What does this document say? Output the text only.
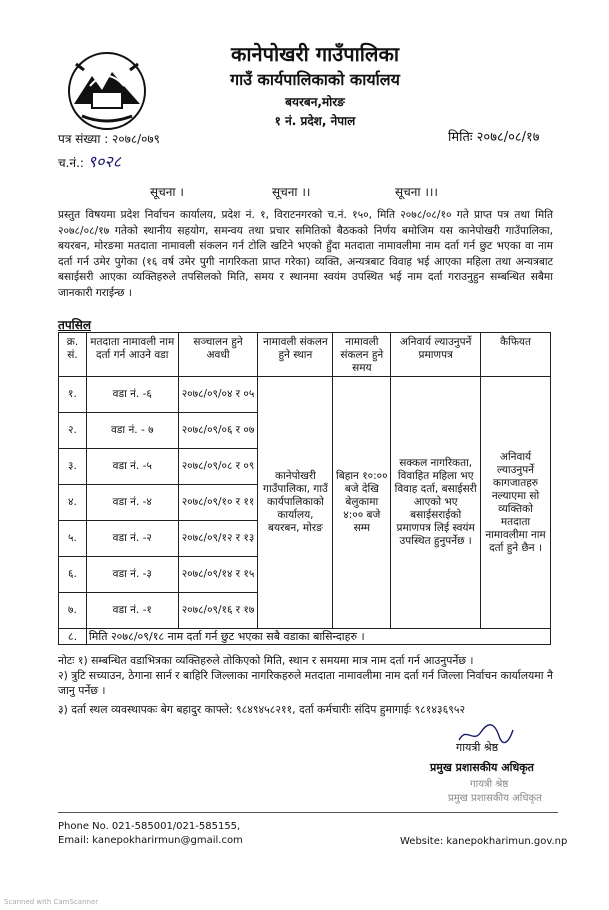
कानेपोखरी गाउँपालिका
गाउँ कार्यपालिकाको कार्यालय
बयरबन,मोरङ
१ नं. प्रदेश, नेपाल
पत्र संख्या : २०७८/०७९	मितिः २०७८/०८/१७
च.नं.: ९०२८
सूचना ।	सूचना ।।	सूचना ।।।
प्रस्तुत विषयमा प्रदेश निर्वाचन कार्यालय, प्रदेश नं. १, विराटनगरको च.नं. १५०, मिति २०७८/०८/१० गते प्राप्त पत्र तथा मिति २०७८/०८/१७ गतेको स्थानीय सहयोग, समन्वय तथा प्रचार समितिको बैठकको निर्णय बमोजिम यस कानेपोखरी गाउँपालिका, बयरबन, मोरङमा मतदाता नामावली संकलन गर्न टोलि खटिने भएको हुँदा मतदाता नामावलीमा नाम दर्ता गर्न छुट भएका वा नाम दर्ता गर्न उमेर पुगेका (१६ वर्ष उमेर पुगी नागरिकता प्राप्त गरेका) व्यक्ति, अन्यत्रबाट विवाह भई आएका महिला तथा अन्यत्रबाट बसाईसरी आएका व्यक्तिहरुले तपसिलको मिति, समय र स्थानमा स्वयंम उपस्थित भई नाम दर्ता गराउनुहुन सम्बन्धित सबैमा जानकारी गराईन्छ ।
तपसिल
क्र. सं.	मतदाता नामावली नाम दर्ता गर्न आउने वडा	सञ्चालन हुने अवधी	नामावली संकलन हुने स्थान	नामावली संकलन हुने समय	अनिवार्य ल्याउनुपर्ने प्रमाणपत्र	कैफियत
१.	वडा नं. -६	२०७८/०९/०४ र ०५	कानेपोखरी गाउँपालिका, गाउँ कार्यपालिकाको कार्यालय, बयरबन, मोरङ	बिहान १०:०० बजे देखि बेलुकामा ४:०० बजे सम्म	सक्कल नागरिकता, विवाहित महिला भए विवाह दर्ता, बसाईसरी आएको भए बसाईसराईको प्रमाणपत्र लिई स्वयंम उपस्थित हुनुपर्नेछ ।	अनिवार्य ल्याउनुपर्ने कागजातहरु नल्याएमा सो व्यक्तिको मतदाता नामावलीमा नाम दर्ता हुने छैन ।
२.	वडा नं. - ७	२०७८/०९/०६ र ०७				
३.	वडा नं. -५	२०७८/०९/०८ र ०९				
४.	वडा नं. -४	२०७८/०९/१० र ११				
५.	वडा नं. -२	२०७८/०९/१२ र १३				
६.	वडा नं. -३	२०७८/०९/१४ र १५				
७.	वडा नं. -१	२०७८/०९/१६ र १७				
८.	मिति २०७८/०९/१८ नाम दर्ता गर्न छुट भएका सबै वडाका बासिन्दाहरु ।					
नोटः १) सम्बन्धित वडाभित्रका व्यक्तिहरुले तोकिएको मिति, स्थान र समयमा मात्र नाम दर्ता गर्न आउनुपर्नेछ ।
२) त्रुटि सच्याउन, ठेगाना सार्न र बाहिरि जिल्लाका नागरिकहरुले मतदाता नामावलीमा नाम दर्ता गर्न जिल्ला निर्वाचन कार्यालयमा नै जानु पर्नेछ ।
३) दर्ता स्थल व्यवस्थापकः बेग बहादुर काफ्ले: ९८४९४५८२११, दर्ता कर्मचारीः संदिप हुमागाईः ९८१४३६९५२
गायत्री श्रेष्ठ
प्रमुख प्रशासकीय अधिकृत
गायत्री श्रेष्ठ
प्रमुख प्रशासकीय अधिकृत
Phone No. 021-585001/021-585155,
Email: kanepokharirmun@gmail.com	Website: kanepokharimun.gov.np
Scanned with CamScanner
